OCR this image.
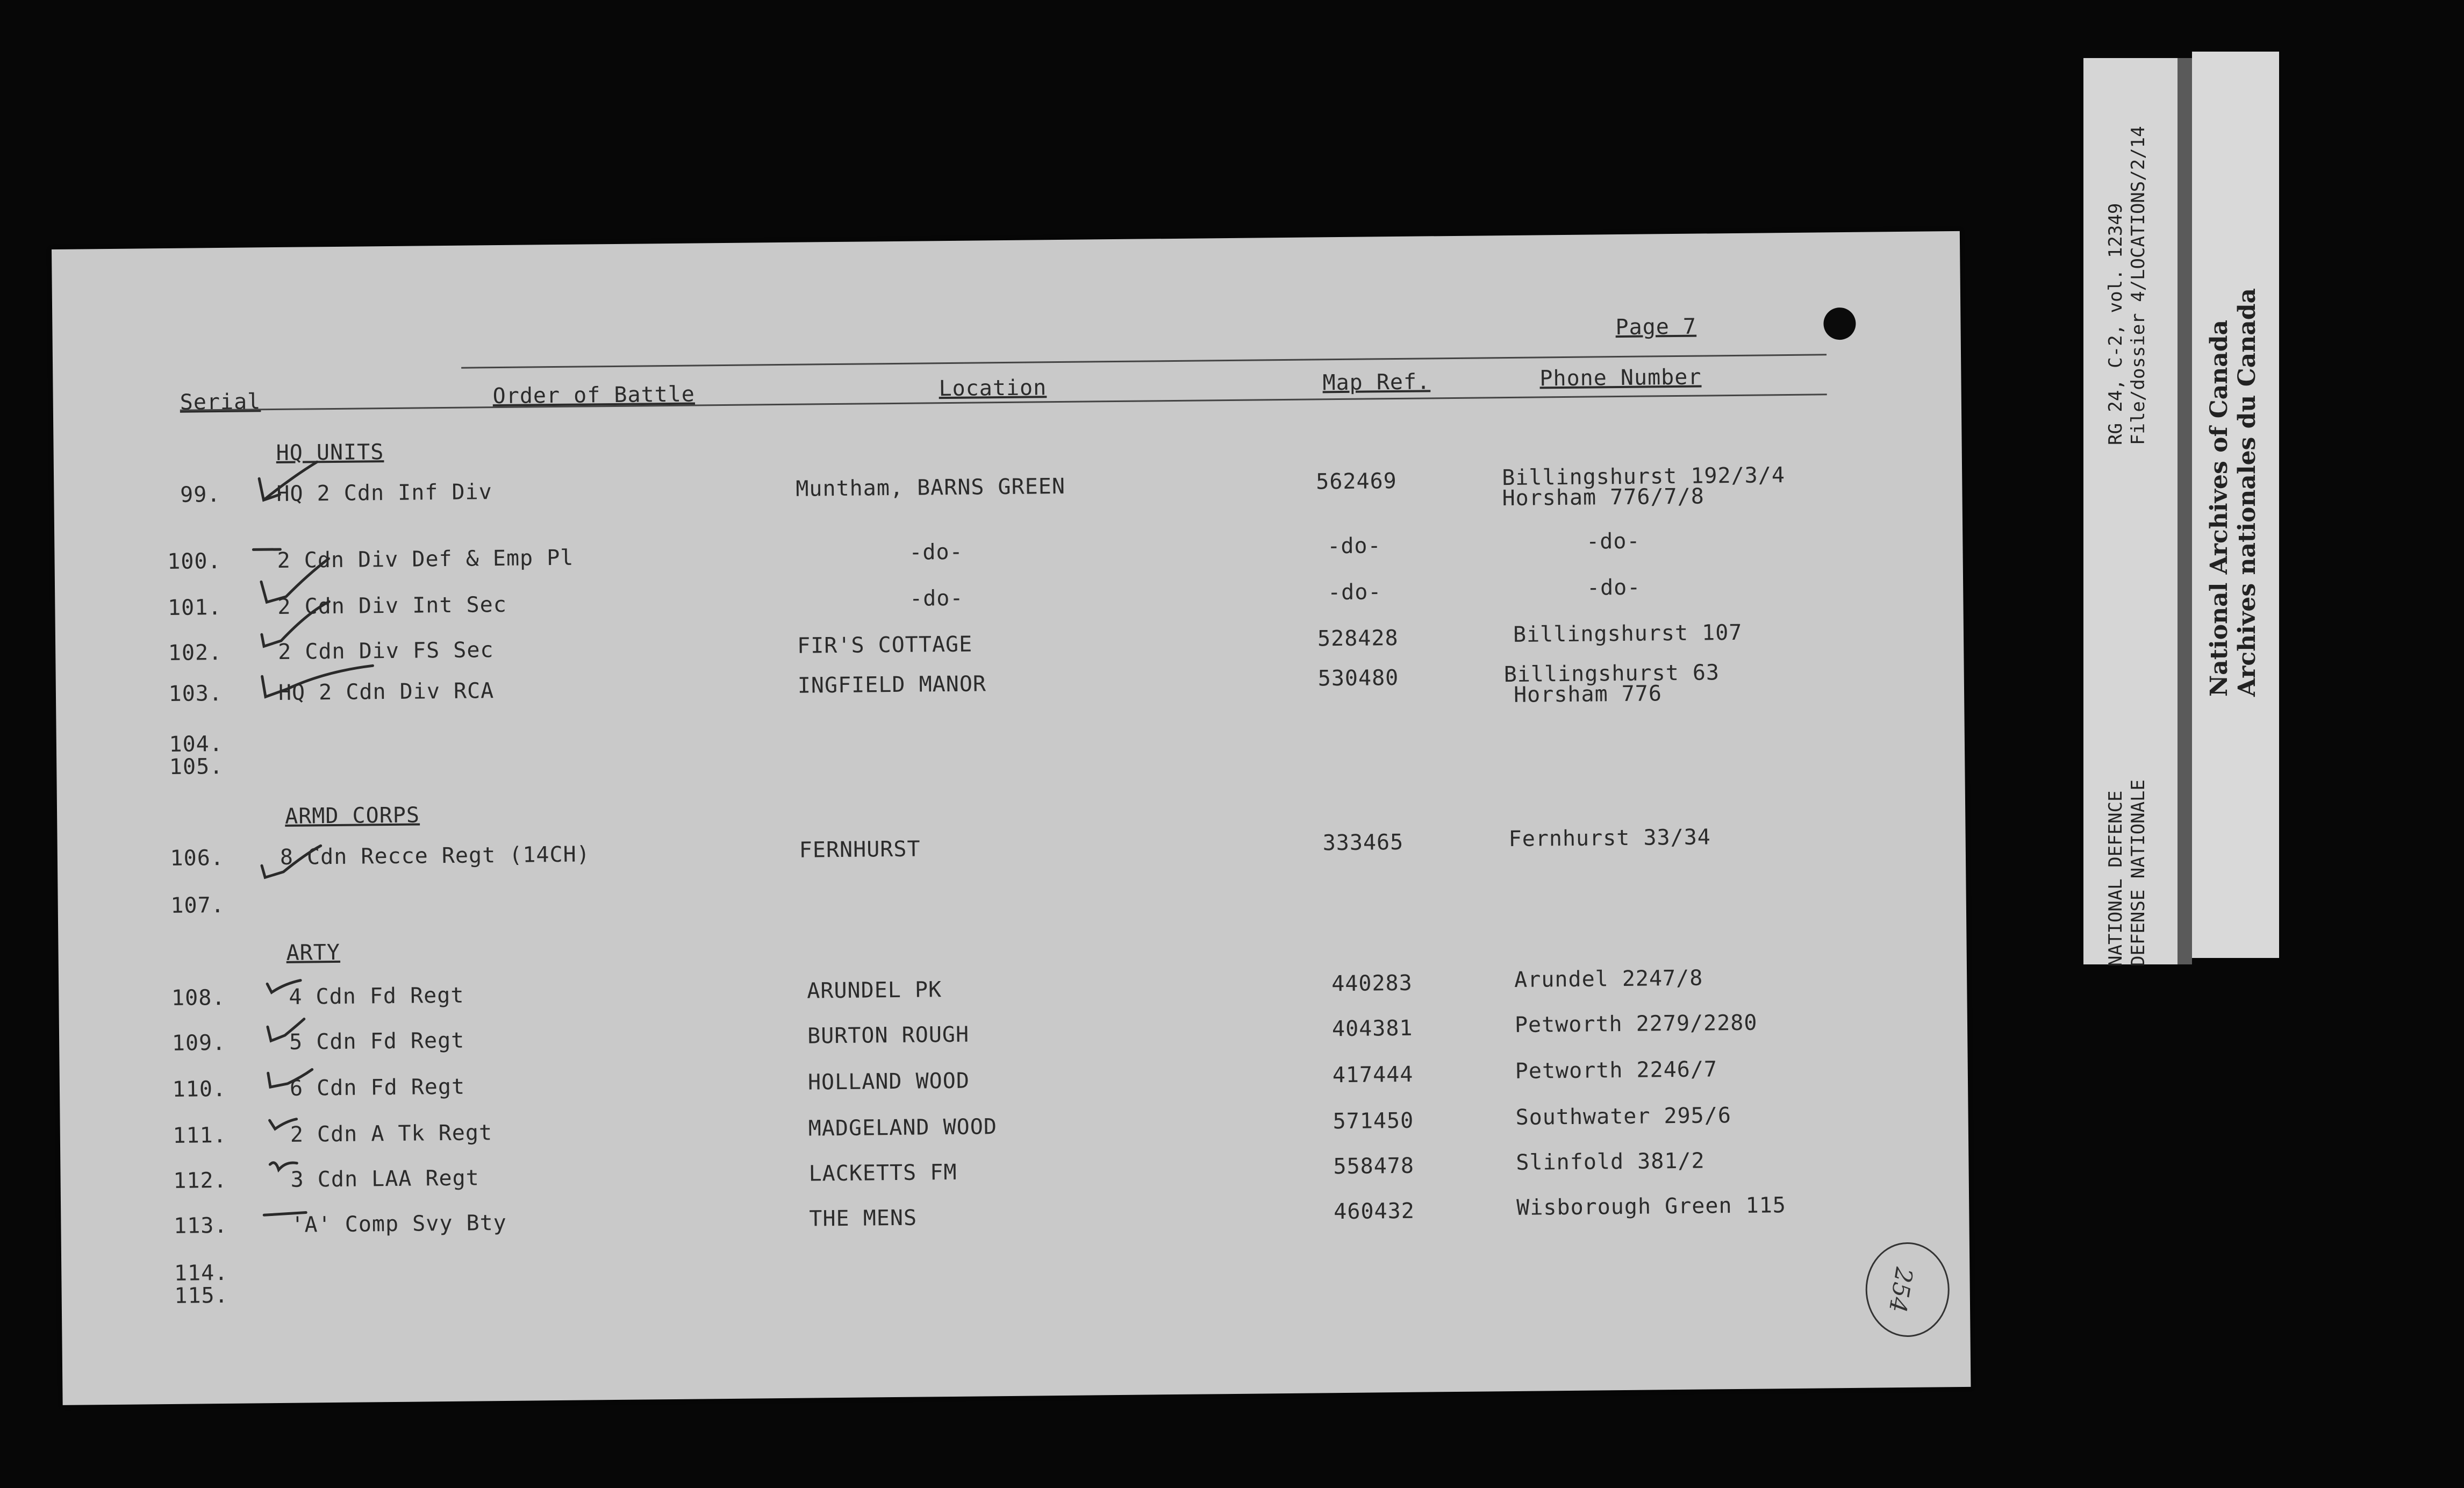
Page 7
Serial	Order of Battle	Location	Map Ref.	Phone Number
HQ UNITS
99.	HQ 2 Cdn Inf Div	Muntham, BARNS GREEN	562469	Billingshurst 192/3/4
Horsham 776/7/8
100.	2 Cdn Div Def & Emp Pl	-do-	-do-	-do-
101.	2 Cdn Div Int Sec	-do-	-do-	-do-
102.	2 Cdn Div FS Sec	FIR'S COTTAGE	528428	Billingshurst 107
103.	HQ 2 Cdn Div RCA	INGFIELD MANOR	530480	Billingshurst 63
Horsham 776
104.
105.
ARMD CORPS
106.	8 Cdn Recce Regt (14CH)	FERNHURST	333465	Fernhurst 33/34
107.
ARTY
108.	4 Cdn Fd Regt	ARUNDEL PK	440283	Arundel 2247/8
109.	5 Cdn Fd Regt	BURTON ROUGH	404381	Petworth 2279/2280
110.	6 Cdn Fd Regt	HOLLAND WOOD	417444	Petworth 2246/7
111.	2 Cdn A Tk Regt	MADGELAND WOOD	571450	Southwater 295/6
112.	3 Cdn LAA Regt	LACKETTS FM	558478	Slinfold 381/2
113.	'A' Comp Svy Bty	THE MENS	460432	Wisborough Green 115
114.
115.	254
RG 24, C-2, vol. 12349 File/dossier 4/LOCATIONS/2/14
NATIONAL DEFENCE DEFENSE NATIONALE
National Archives of Canada Archives nationales du Canada
